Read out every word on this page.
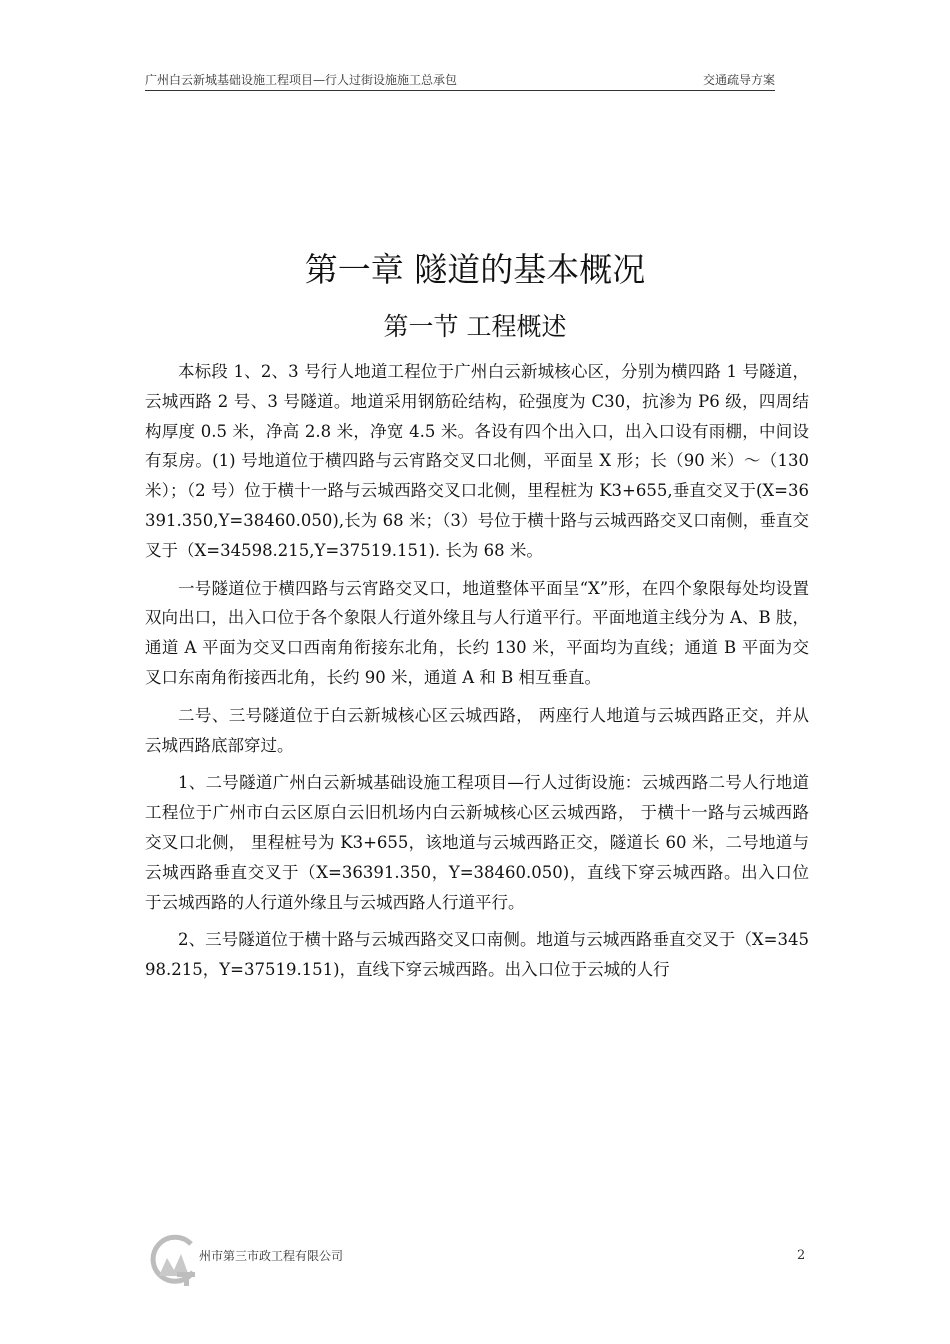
广州白云新城基础设施工程项目—行人过街设施施工总承包	交通疏导方案
第一章 隧道的基本概况
第一节 工程概述

本标段 1、2、3 号行人地道工程位于广州白云新城核心区，分别为横四路 1 号隧道，云城西路 2 号、3 号隧道。地道采用钢筋砼结构，砼强度为 C30，抗渗为 P6 级，四周结构厚度 0.5 米，净高 2.8 米，净宽 4.5 米。各设有四个出入口，出入口设有雨棚，中间设有泵房。(1) 号地道位于横四路与云宵路交叉口北侧，平面呈 X 形；长（90 米）～（130 米）；（2 号）位于横十一路与云城西路交叉口北侧，里程桩为 K3+655,垂直交叉于(X=36391.350,Y=38460.050),长为 68 米；（3）号位于横十路与云城西路交叉口南侧，垂直交叉于（X=34598.215,Y=37519.151). 长为 68 米。

一号隧道位于横四路与云宵路交叉口，地道整体平面呈“X”形，在四个象限每处均设置双向出口，出入口位于各个象限人行道外缘且与人行道平行。平面地道主线分为 A、B 肢，通道 A 平面为交叉口西南角衔接东北角，长约 130 米，平面均为直线；通道 B 平面为交叉口东南角衔接西北角，长约 90 米，通道 A 和 B 相互垂直。

二号、三号隧道位于白云新城核心区云城西路， 两座行人地道与云城西路正交，并从云城西路底部穿过。

1、二号隧道广州白云新城基础设施工程项目—行人过街设施：云城西路二号人行地道工程位于广州市白云区原白云旧机场内白云新城核心区云城西路， 于横十一路与云城西路交叉口北侧， 里程桩号为 K3+655，该地道与云城西路正交，隧道长 60 米，二号地道与云城西路垂直交叉于（X=36391.350，Y=38460.050)，直线下穿云城西路。出入口位于云城西路的人行道外缘且与云城西路人行道平行。

2、三号隧道位于横十路与云城西路交叉口南侧。地道与云城西路垂直交叉于（X=34598.215，Y=37519.151)，直线下穿云城西路。出入口位于云城的人行

州市第三市政工程有限公司	2
